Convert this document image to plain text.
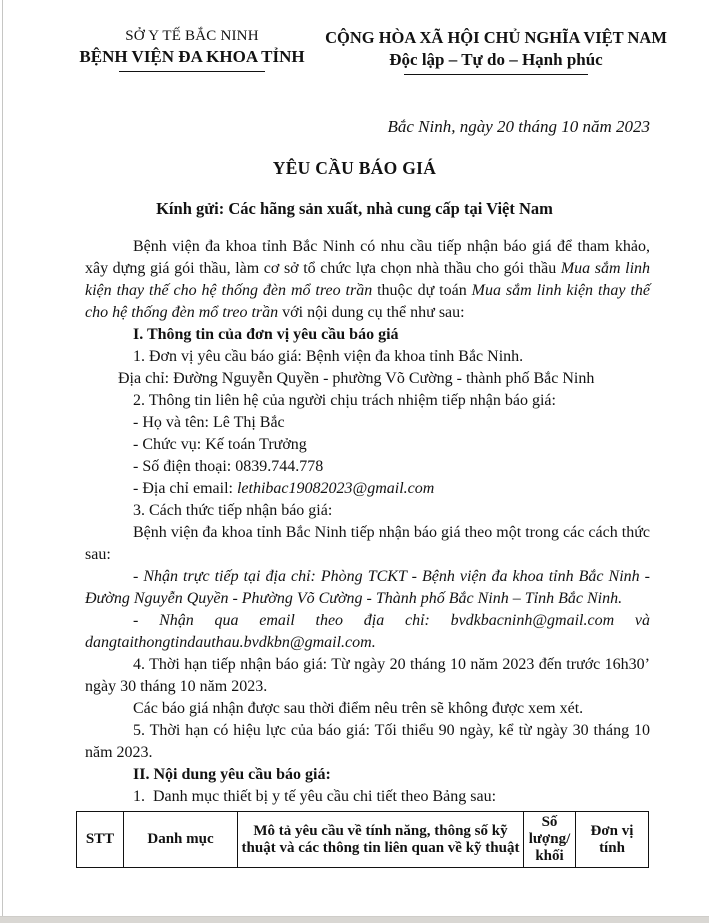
SỞ Y TẾ BẮC NINH
BỆNH VIỆN ĐA KHOA TỈNH
CỘNG HÒA XÃ HỘI CHỦ NGHĨA VIỆT NAM
Độc lập – Tự do – Hạnh phúc
Bắc Ninh, ngày 20 tháng 10 năm 2023
YÊU CẦU BÁO GIÁ
Kính gửi: Các hãng sản xuất, nhà cung cấp tại Việt Nam

Bệnh viện đa khoa tỉnh Bắc Ninh có nhu cầu tiếp nhận báo giá để tham khảo, xây dựng giá gói thầu, làm cơ sở tổ chức lựa chọn nhà thầu cho gói thầu Mua sắm linh kiện thay thế cho hệ thống đèn mổ treo trần thuộc dự toán Mua sắm linh kiện thay thế cho hệ thống đèn mổ treo trần với nội dung cụ thể như sau:

I. Thông tin của đơn vị yêu cầu báo giá

1. Đơn vị yêu cầu báo giá: Bệnh viện đa khoa tỉnh Bắc Ninh.

Địa chỉ: Đường Nguyễn Quyền - phường Võ Cường - thành phố Bắc Ninh

2. Thông tin liên hệ của người chịu trách nhiệm tiếp nhận báo giá:

- Họ và tên: Lê Thị Bắc

- Chức vụ: Kế toán Trưởng

- Số điện thoại: 0839.744.778

- Địa chỉ email: lethibac19082023@gmail.com

3. Cách thức tiếp nhận báo giá:

Bệnh viện đa khoa tỉnh Bắc Ninh tiếp nhận báo giá theo một trong các cách thức sau:

- Nhận trực tiếp tại địa chỉ: Phòng TCKT - Bệnh viện đa khoa tỉnh Bắc Ninh - Đường Nguyễn Quyền - Phường Võ Cường - Thành phố Bắc Ninh – Tỉnh Bắc Ninh.

- Nhận qua email theo địa chỉ: bvdkbacninh@gmail.com và dangtaithongtindauthau.bvdkbn@gmail.com.

4. Thời hạn tiếp nhận báo giá: Từ ngày 20 tháng 10 năm 2023 đến trước 16h30’ ngày 30 tháng 10 năm 2023.

Các báo giá nhận được sau thời điểm nêu trên sẽ không được xem xét.

5. Thời hạn có hiệu lực của báo giá: Tối thiểu 90 ngày, kể từ ngày 30 tháng 10 năm 2023.

II. Nội dung yêu cầu báo giá:

1.  Danh mục thiết bị y tế yêu cầu chi tiết theo Bảng sau:

STT	Danh mục	Mô tả yêu cầu về tính năng, thông số kỹ thuật và các thông tin liên quan về kỹ thuật	Số lượng/ khối	Đơn vị tính
